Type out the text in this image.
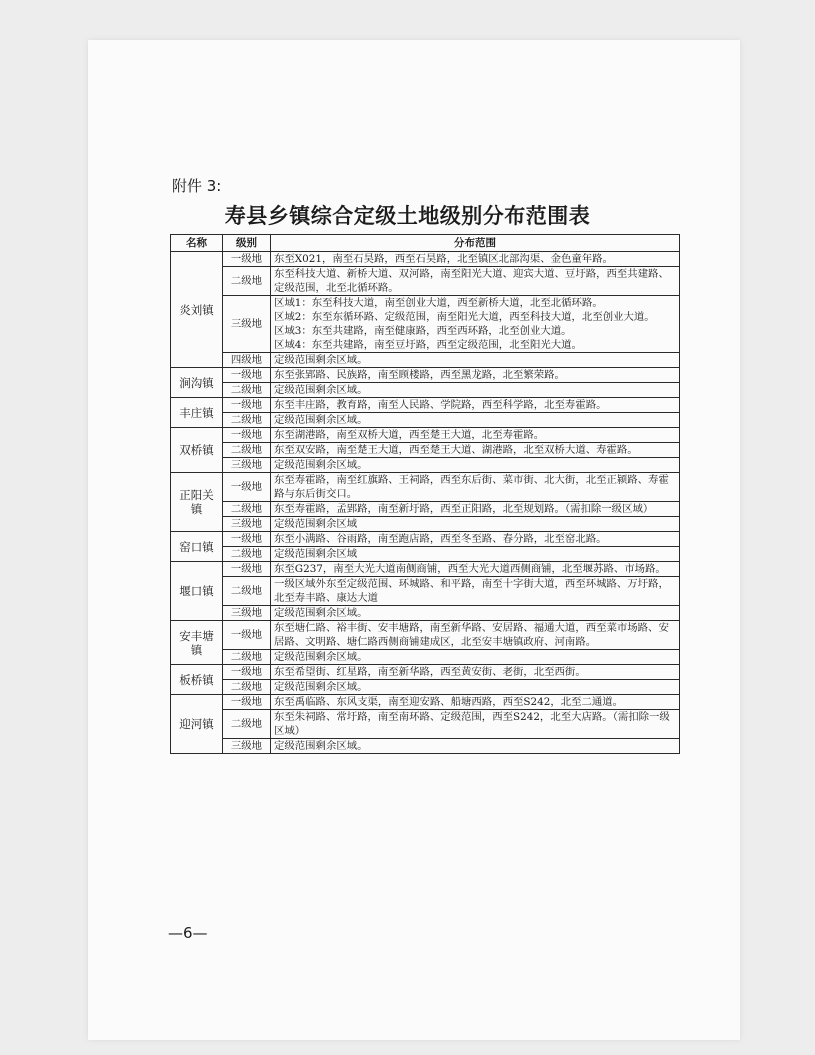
附件 3:
寿县乡镇综合定级土地级别分布范围表
名称	级别	分布范围
炎刘镇	一级地	东至X021，南至石昊路，西至石昊路，北至镇区北部沟渠、金色童年路。

	二级地	东至科技大道、新桥大道、双河路，南至阳光大道、迎宾大道、豆圩路，西至共建路、定级范围，北至北循环路。

	三级地	区域1：东至科技大道，南至创业大道，西至新桥大道，北至北循环路。
区域2：东至东循环路、定级范围，南至阳光大道，西至科技大道，北至创业大道。
区域3：东至共建路，南至健康路，西至西环路，北至创业大道。
区域4：东至共建路，南至豆圩路，西至定级范围，北至阳光大道。

	四级地	定级范围剩余区域。

涧沟镇	一级地	东至张郢路、民族路，南至顾楼路，西至黑龙路，北至繁荣路。

	二级地	定级范围剩余区域。

丰庄镇	一级地	东至丰庄路，教育路，南至人民路、学院路，西至科学路，北至寿霍路。

	二级地	定级范围剩余区域。

双桥镇	一级地	东至湖港路，南至双桥大道，西至楚王大道，北至寿霍路。

	二级地	东至双安路，南至楚王大道，西至楚王大道、湖港路，北至双桥大道、寿霍路。

	三级地	定级范围剩余区域。

正阳关镇	一级地	东至寿霍路，南至红旗路、王祠路，西至东后街、菜市街、北大街，北至正颍路、寿霍路与东后街交口。

	二级地	东至寿霍路，孟郢路，南至新圩路，西至正阳路，北至规划路。（需扣除一级区域）

	三级地	定级范围剩余区域

窑口镇	一级地	东至小满路、谷雨路，南至跑店路，西至冬至路、春分路，北至窑北路。

	二级地	定级范围剩余区域

堰口镇	一级地	东至G237，南至大光大道南侧商铺，西至大光大道西侧商铺，北至堰苏路、市场路。

	二级地	一级区域外东至定级范围、环城路、和平路，南至十字街大道，西至环城路、万圩路，北至寿丰路、康达大道

	三级地	定级范围剩余区域。

安丰塘镇	一级地	东至塘仁路、裕丰街、安丰塘路，南至新华路、安居路、福通大道，西至菜市场路、安居路、文明路、塘仁路西侧商铺建成区，北至安丰塘镇政府、河南路。

	二级地	定级范围剩余区域。

板桥镇	一级地	东至希望街、红星路，南至新华路，西至黄安街、老街，北至西街。

	二级地	定级范围剩余区域。

迎河镇	一级地	东至禹临路、东风支渠，南至迎安路、船塘西路，西至S242，北至二通道。

	二级地	东至朱祠路、常圩路，南至南环路、定级范围，西至S242，北至大店路。（需扣除一级区域）

	三级地	定级范围剩余区域。
—6—
